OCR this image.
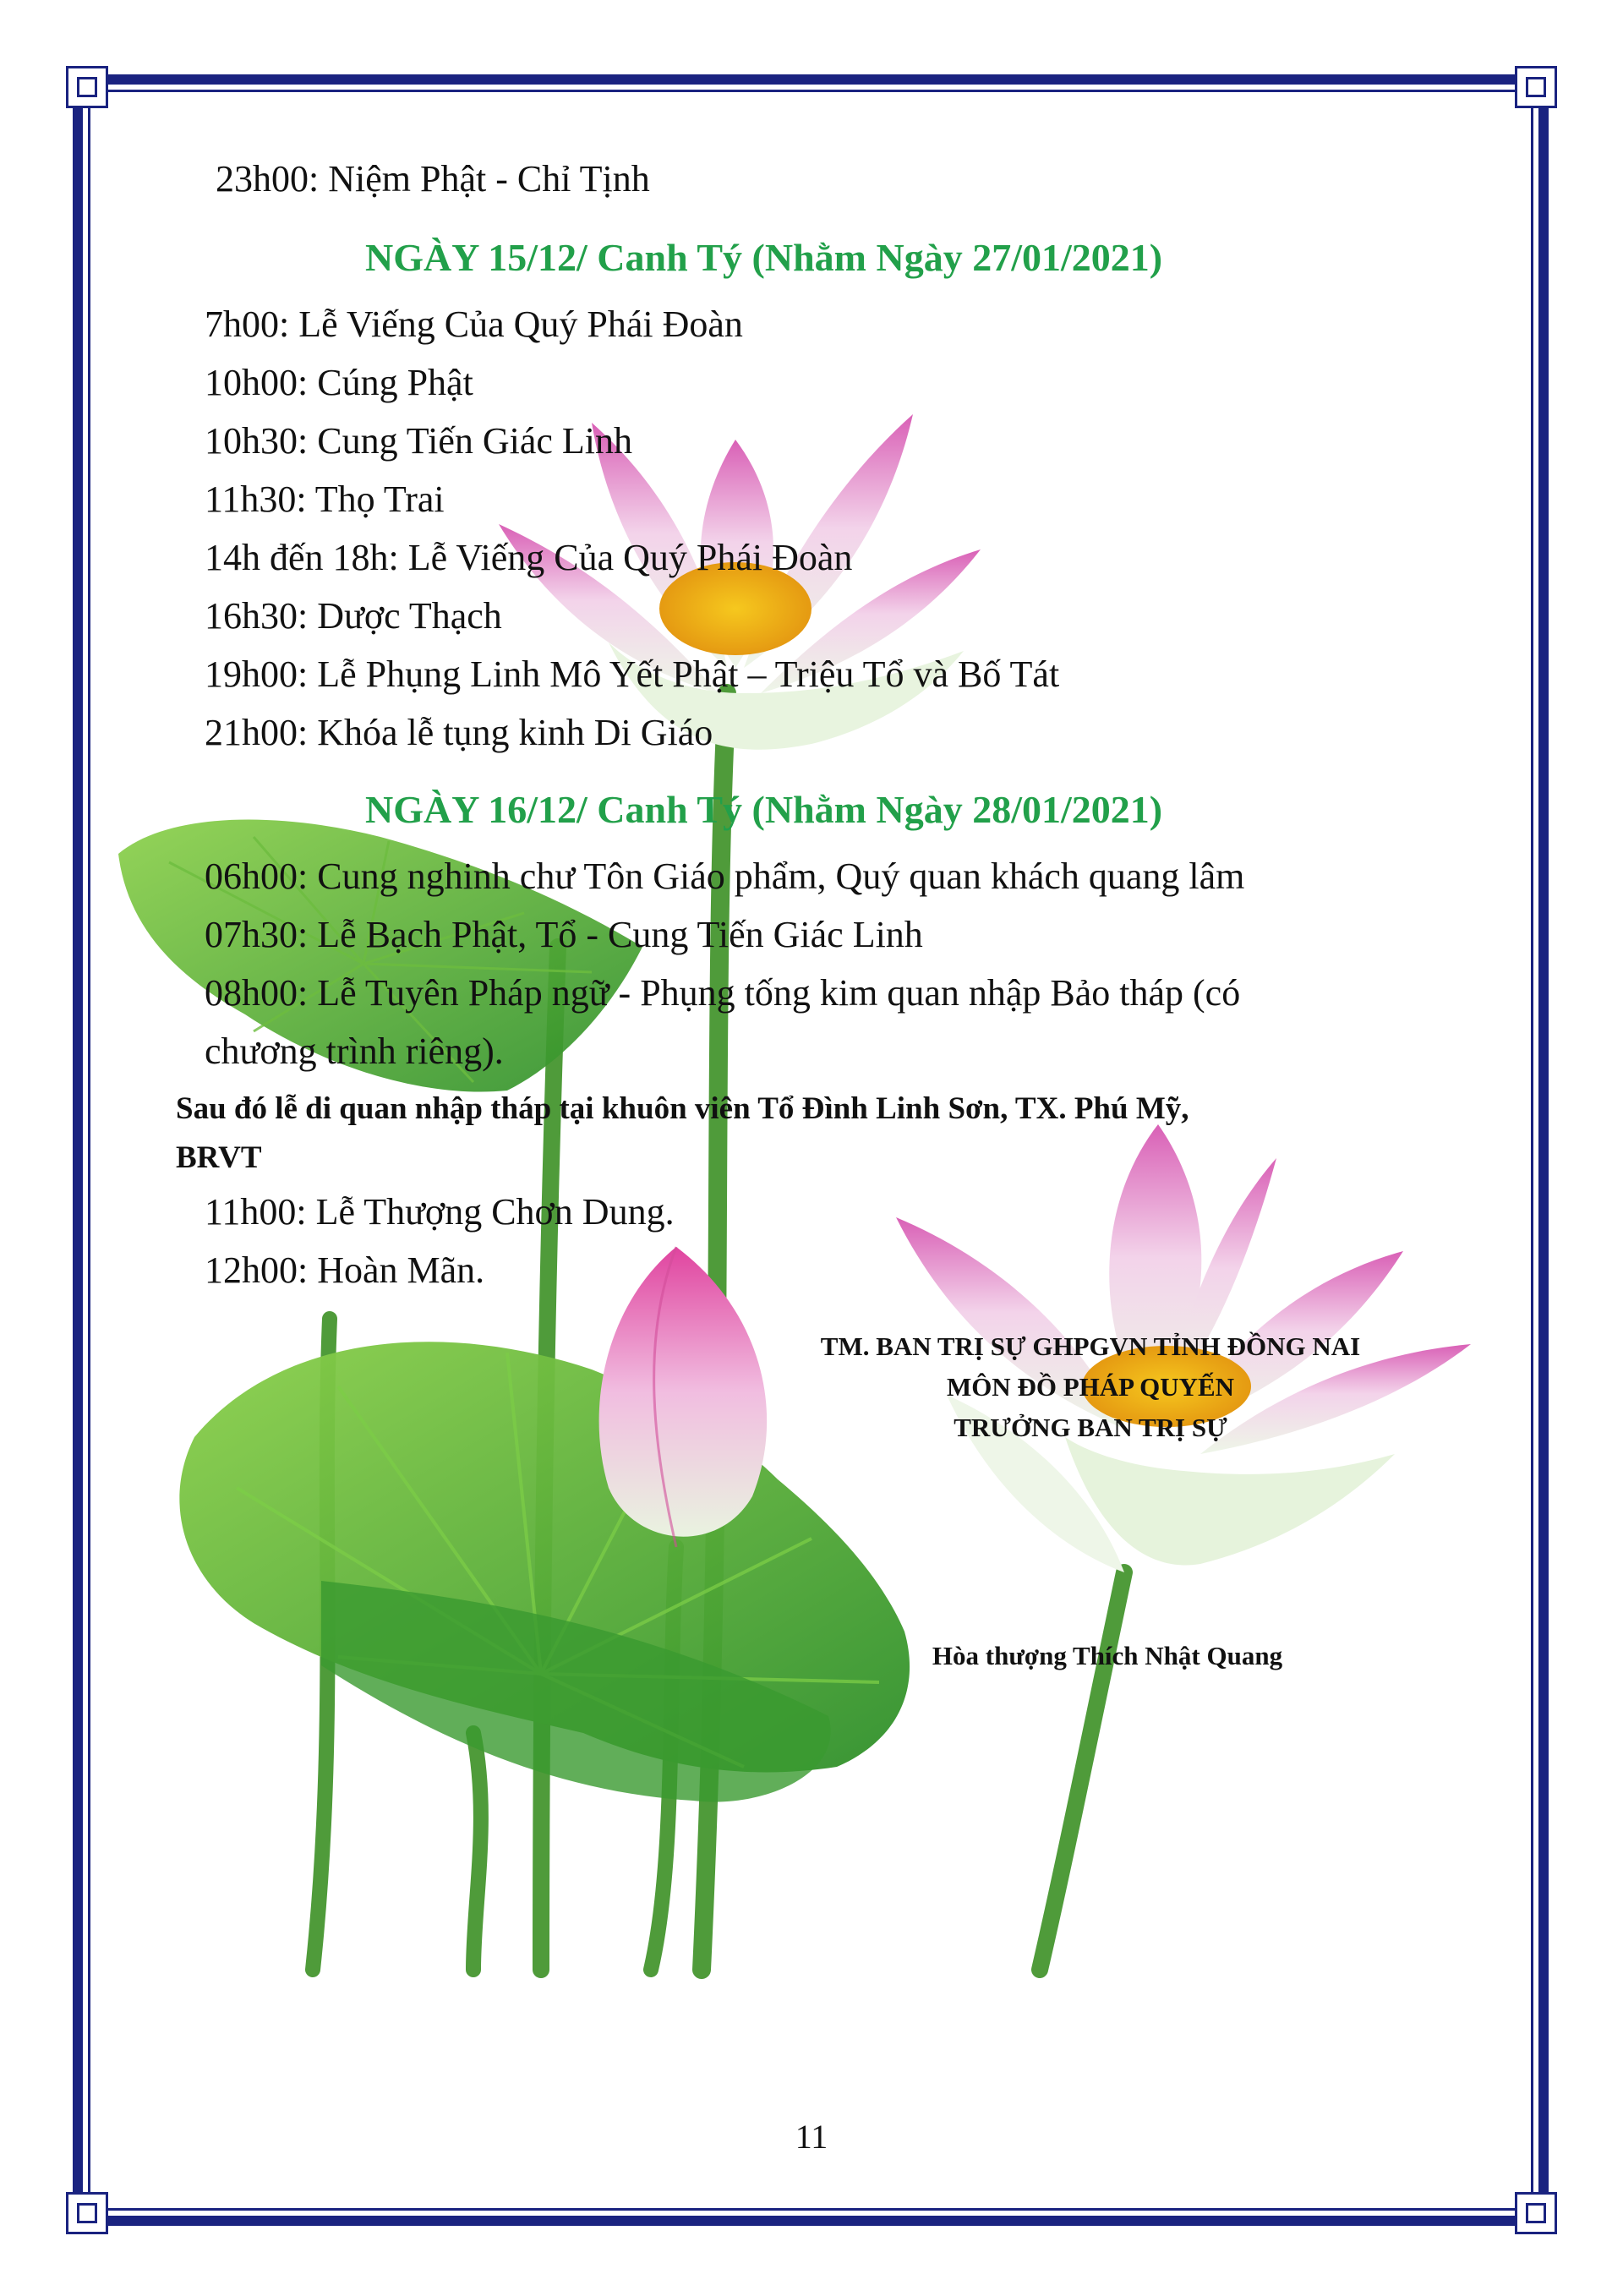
23h00: Niệm Phật - Chỉ Tịnh
NGÀY 15/12/ Canh Tý (Nhằm Ngày 27/01/2021)
7h00: Lễ Viếng Của Quý Phái Đoàn
10h00: Cúng Phật
10h30: Cung Tiến Giác Linh
11h30: Thọ Trai
14h đến 18h: Lễ Viếng Của Quý Phái Đoàn
16h30: Dược Thạch
19h00: Lễ Phụng Linh Mô Yết Phật – Triệu Tổ và Bố Tát
21h00: Khóa lễ tụng kinh Di Giáo
NGÀY 16/12/ Canh Tý (Nhằm Ngày 28/01/2021)
06h00: Cung nghinh chư Tôn Giáo phẩm, Quý quan khách quang lâm
07h30: Lễ Bạch Phật, Tổ - Cung Tiến Giác Linh
08h00: Lễ Tuyên Pháp ngữ - Phụng tống kim quan nhập Bảo tháp (có
chương trình riêng).
Sau đó lễ di quan nhập tháp tại khuôn viên Tổ Đình Linh Sơn, TX. Phú Mỹ,
BRVT
11h00: Lễ Thượng Chơn Dung.
12h00: Hoàn Mãn.
TM. BAN TRỊ SỰ GHPGVN TỈNH ĐỒNG NAI
MÔN ĐỒ PHÁP QUYẾN
TRƯỞNG BAN TRỊ SỰ
Hòa thượng Thích Nhật Quang
11
